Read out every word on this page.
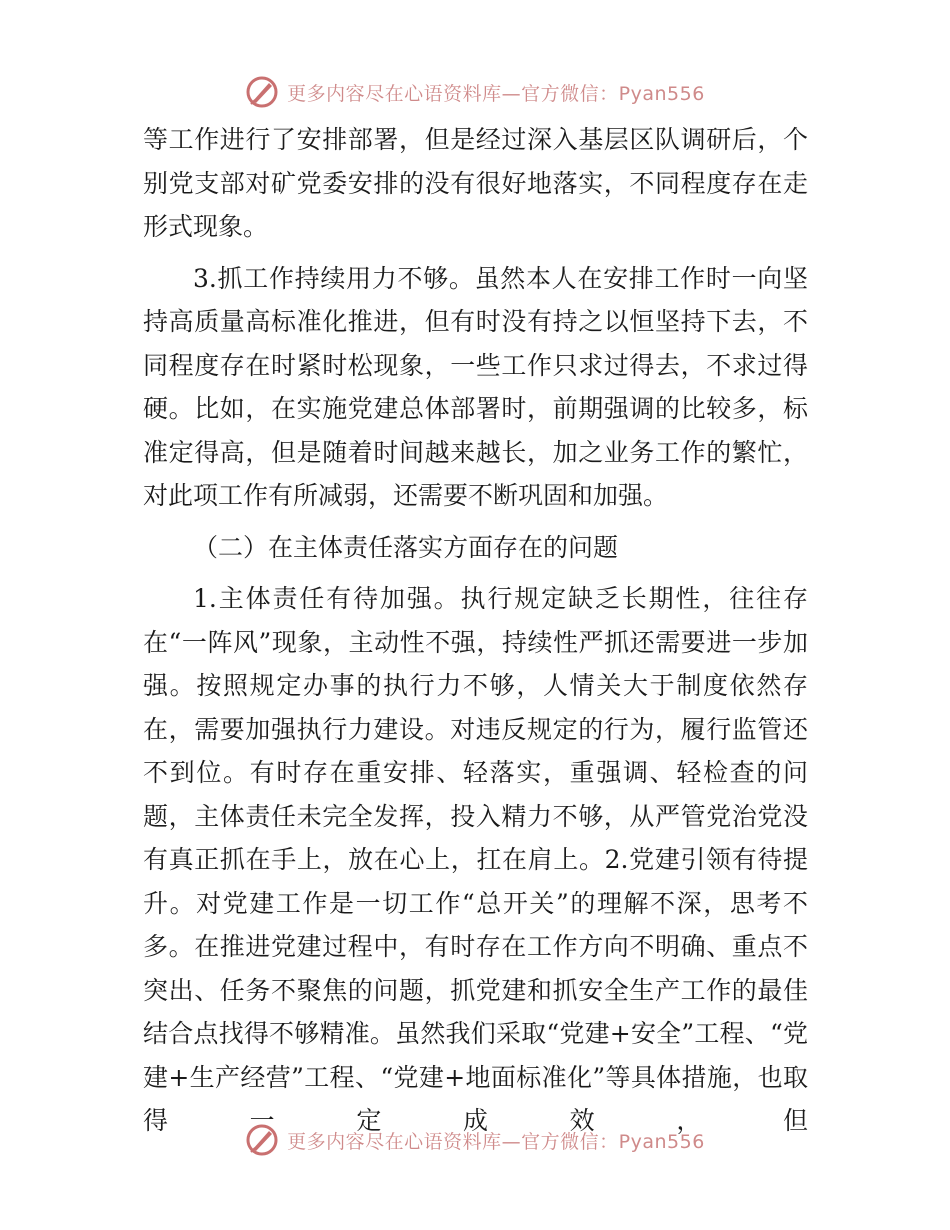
更多内容尽在心语资料库—官方微信：Pyan556

等工作进行了安排部署，但是经过深入基层区队调研后，个别党支部对矿党委安排的没有很好地落实，不同程度存在走形式现象。

3.抓工作持续用力不够。虽然本人在安排工作时一向坚持高质量高标准化推进，但有时没有持之以恒坚持下去，不同程度存在时紧时松现象，一些工作只求过得去，不求过得硬。比如，在实施党建总体部署时，前期强调的比较多，标准定得高，但是随着时间越来越长，加之业务工作的繁忙，对此项工作有所减弱，还需要不断巩固和加强。

（二）在主体责任落实方面存在的问题

1.主体责任有待加强。执行规定缺乏长期性，往往存在“一阵风”现象，主动性不强，持续性严抓还需要进一步加强。按照规定办事的执行力不够，人情关大于制度依然存在，需要加强执行力建设。对违反规定的行为，履行监管还不到位。有时存在重安排、轻落实，重强调、轻检查的问题，主体责任未完全发挥，投入精力不够，从严管党治党没有真正抓在手上，放在心上，扛在肩上。2.党建引领有待提升。对党建工作是一切工作“总开关”的理解不深，思考不多。在推进党建过程中，有时存在工作方向不明确、重点不突出、任务不聚焦的问题，抓党建和抓安全生产工作的最佳结合点找得不够精准。虽然我们采取“党建+安全”工程、“党建+生产经营”工程、“党建+地面标准化”等具体措施，也取得一定成效，但

更多内容尽在心语资料库—官方微信：Pyan556
